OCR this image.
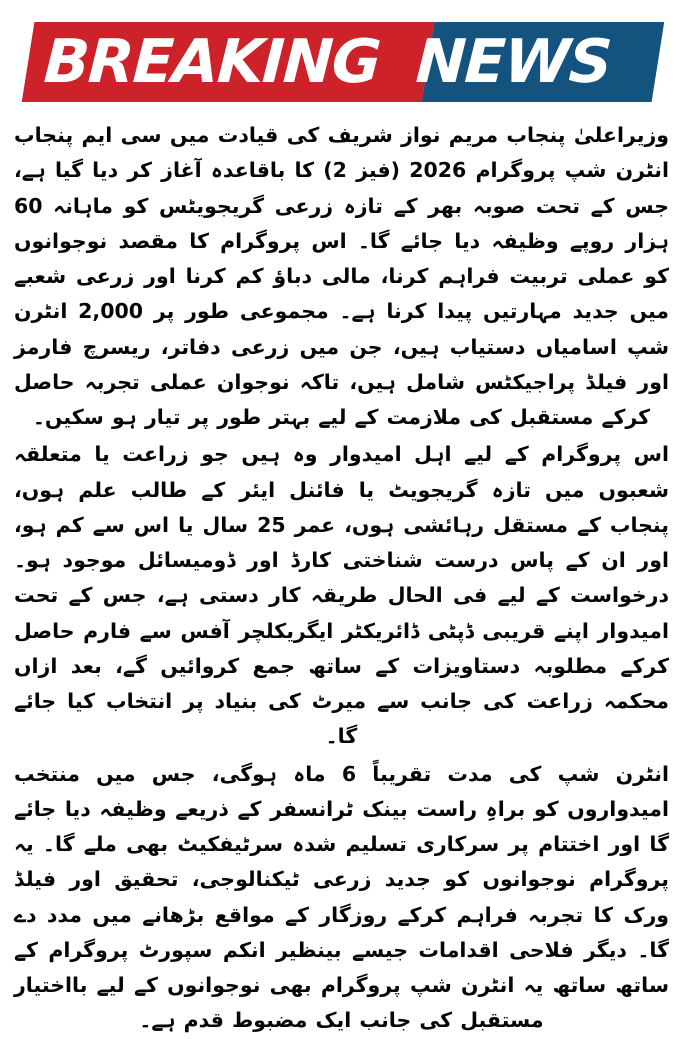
BREAKING NEWS

وزیراعلیٰ پنجاب مریم نواز شریف کی قیادت میں سی ایم پنجاب انٹرن شپ پروگرام 2026 (فیز 2) کا باقاعدہ آغاز کر دیا گیا ہے، جس کے تحت صوبہ بھر کے تازہ زرعی گریجویٹس کو ماہانہ 60 ہزار روپے وظیفہ دیا جائے گا۔ اس پروگرام کا مقصد نوجوانوں کو عملی تربیت فراہم کرنا، مالی دباؤ کم کرنا اور زرعی شعبے میں جدید مہارتیں پیدا کرنا ہے۔ مجموعی طور پر 2,000 انٹرن شپ اسامیاں دستیاب ہیں، جن میں زرعی دفاتر، ریسرچ فارمز اور فیلڈ پراجیکٹس شامل ہیں، تاکہ نوجوان عملی تجربہ حاصل کرکے مستقبل کی ملازمت کے لیے بہتر طور پر تیار ہو سکیں۔

اس پروگرام کے لیے اہل امیدوار وہ ہیں جو زراعت یا متعلقہ شعبوں میں تازہ گریجویٹ یا فائنل ایئر کے طالب علم ہوں، پنجاب کے مستقل رہائشی ہوں، عمر 25 سال یا اس سے کم ہو، اور ان کے پاس درست شناختی کارڈ اور ڈومیسائل موجود ہو۔ درخواست کے لیے فی الحال طریقہ کار دستی ہے، جس کے تحت امیدوار اپنے قریبی ڈپٹی ڈائریکٹر ایگریکلچر آفس سے فارم حاصل کرکے مطلوبہ دستاویزات کے ساتھ جمع کروائیں گے، بعد ازاں محکمہ زراعت کی جانب سے میرٹ کی بنیاد پر انتخاب کیا جائے گا۔

انٹرن شپ کی مدت تقریباً 6 ماہ ہوگی، جس میں منتخب امیدواروں کو براہِ راست بینک ٹرانسفر کے ذریعے وظیفہ دیا جائے گا اور اختتام پر سرکاری تسلیم شدہ سرٹیفکیٹ بھی ملے گا۔ یہ پروگرام نوجوانوں کو جدید زرعی ٹیکنالوجی، تحقیق اور فیلڈ ورک کا تجربہ فراہم کرکے روزگار کے مواقع بڑھانے میں مدد دے گا۔ دیگر فلاحی اقدامات جیسے بینظیر انکم سپورٹ پروگرام کے ساتھ ساتھ یہ انٹرن شپ پروگرام بھی نوجوانوں کے لیے بااختیار مستقبل کی جانب ایک مضبوط قدم ہے۔
